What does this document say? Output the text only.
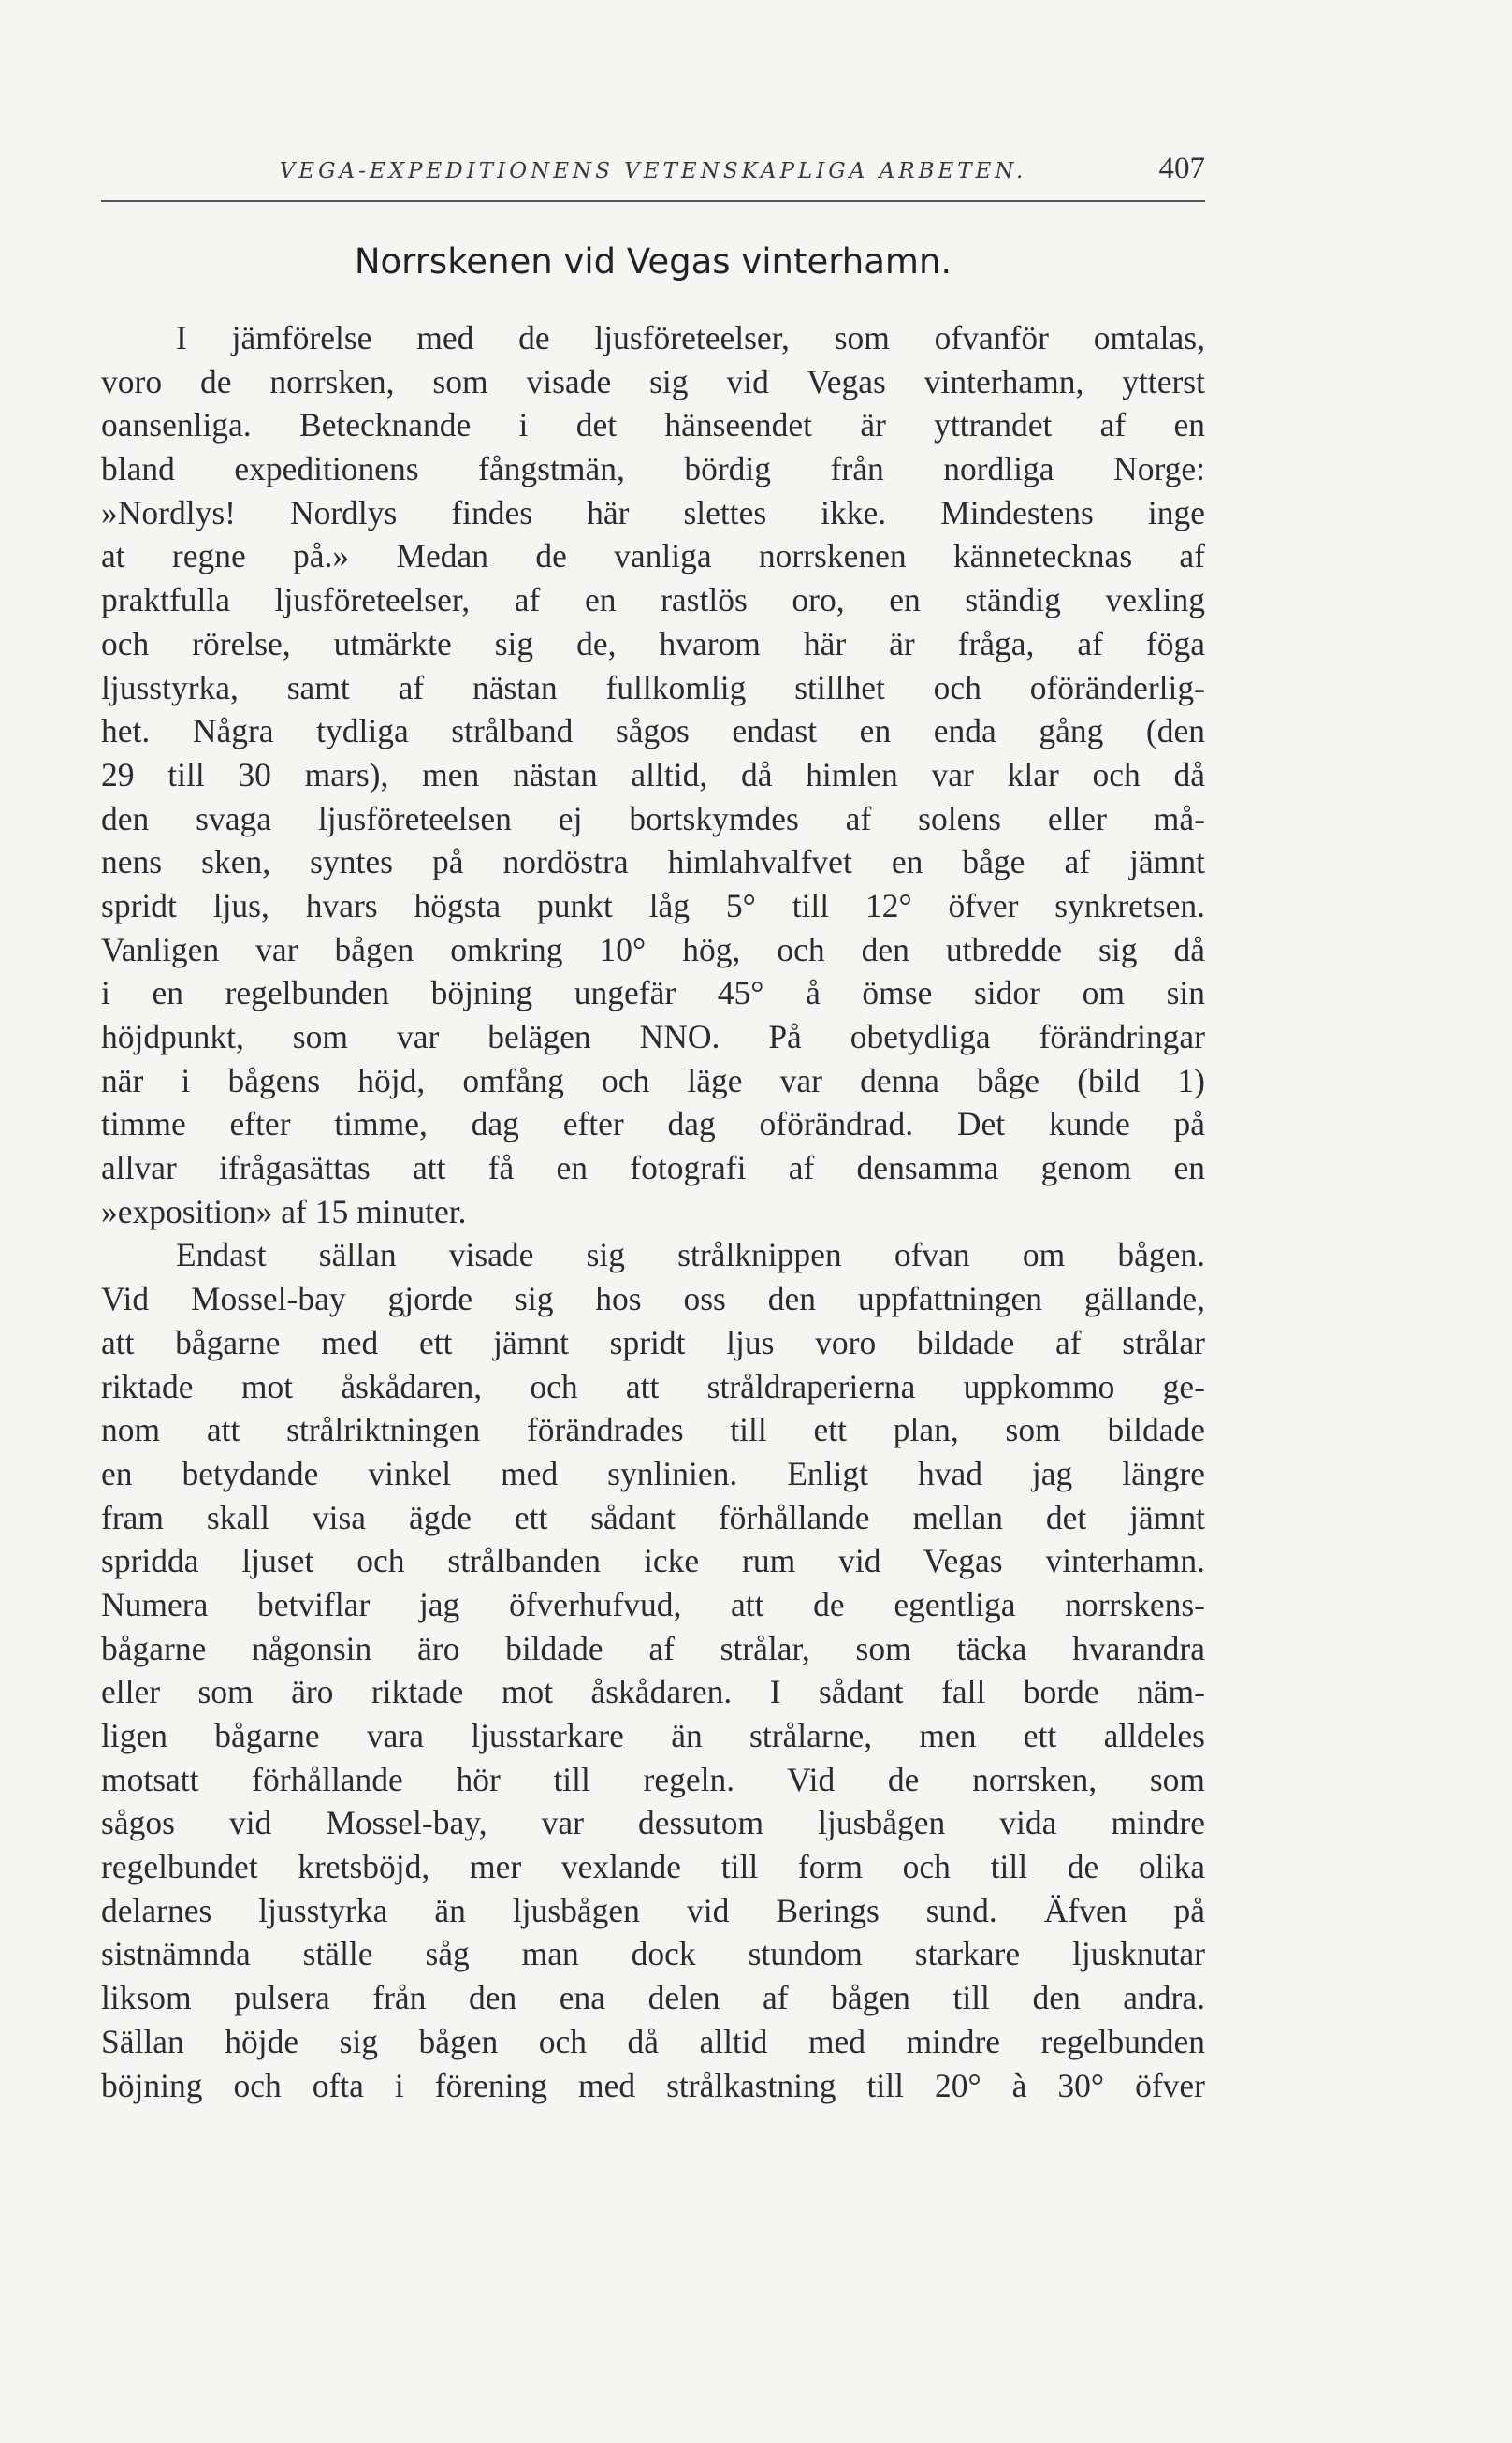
VEGA-EXPEDITIONENS VETENSKAPLIGA ARBETEN.	407
Norrskenen vid Vegas vinterhamn.
I jämförelse med de ljusföreteelser, som ofvanför omtalas,
voro de norrsken, som visade sig vid Vegas vinterhamn, ytterst
oansenliga. Betecknande i det hänseendet är yttrandet af en
bland expeditionens fångstmän, bördig från nordliga Norge:
»Nordlys! Nordlys findes här slettes ikke. Mindestens inge
at regne på.» Medan de vanliga norrskenen kännetecknas af
praktfulla ljusföreteelser, af en rastlös oro, en ständig vexling
och rörelse, utmärkte sig de, hvarom här är fråga, af föga
ljusstyrka, samt af nästan fullkomlig stillhet och oföränderlig-
het. Några tydliga strålband sågos endast en enda gång (den
29 till 30 mars), men nästan alltid, då himlen var klar och då
den svaga ljusföreteelsen ej bortskymdes af solens eller må-
nens sken, syntes på nordöstra himlahvalfvet en båge af jämnt
spridt ljus, hvars högsta punkt låg 5° till 12° öfver synkretsen.
Vanligen var bågen omkring 10° hög, och den utbredde sig då
i en regelbunden böjning ungefär 45° å ömse sidor om sin
höjdpunkt, som var belägen NNO. På obetydliga förändringar
när i bågens höjd, omfång och läge var denna båge (bild 1)
timme efter timme, dag efter dag oförändrad. Det kunde på
allvar ifrågasättas att få en fotografi af densamma genom en
»exposition» af 15 minuter.
Endast sällan visade sig strålknippen ofvan om bågen.
Vid Mossel-bay gjorde sig hos oss den uppfattningen gällande,
att bågarne med ett jämnt spridt ljus voro bildade af strålar
riktade mot åskådaren, och att stråldraperierna uppkommo ge-
nom att strålriktningen förändrades till ett plan, som bildade
en betydande vinkel med synlinien. Enligt hvad jag längre
fram skall visa ägde ett sådant förhållande mellan det jämnt
spridda ljuset och strålbanden icke rum vid Vegas vinterhamn.
Numera betviflar jag öfverhufvud, att de egentliga norrskens-
bågarne någonsin äro bildade af strålar, som täcka hvarandra
eller som äro riktade mot åskådaren. I sådant fall borde näm-
ligen bågarne vara ljusstarkare än strålarne, men ett alldeles
motsatt förhållande hör till regeln. Vid de norrsken, som
sågos vid Mossel-bay, var dessutom ljusbågen vida mindre
regelbundet kretsböjd, mer vexlande till form och till de olika
delarnes ljusstyrka än ljusbågen vid Berings sund. Äfven på
sistnämnda ställe såg man dock stundom starkare ljusknutar
liksom pulsera från den ena delen af bågen till den andra.
Sällan höjde sig bågen och då alltid med mindre regelbunden
böjning och ofta i förening med strålkastning till 20° à 30° öfver
